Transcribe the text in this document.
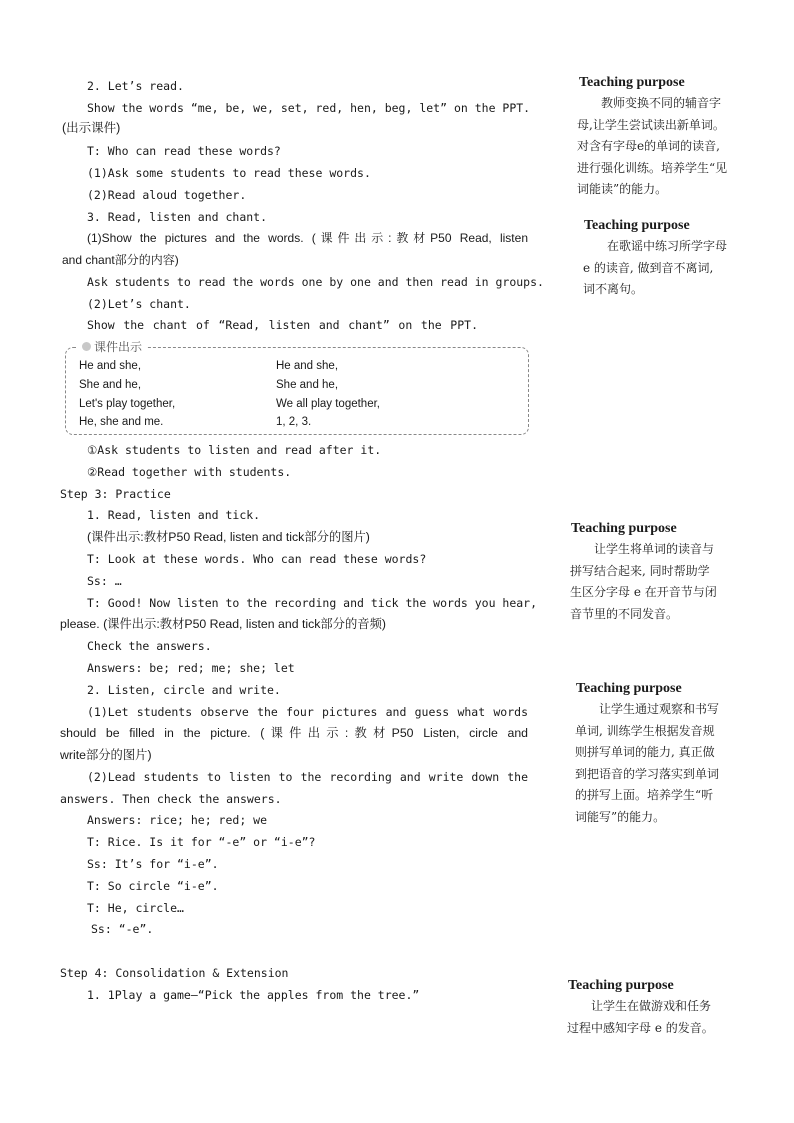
2. Let’s read.
Show the words “me, be, we, set, red, hen, beg, let” on the PPT.
(出示课件)
T: Who can read these words?
(1)Ask some students to read these words.
(2)Read aloud together.
3. Read, listen and chant.
(1)Show the pictures and the words. (课件出示:教材P50 Read, listen
and chant部分的内容)
Ask students to read the words one by one and then read in groups.
(2)Let’s chant.
Show the chant of “Read, listen and chant” on the PPT.
课件出示
He and she,
She and he,
Let's play together,
He, she and me.
He and she,
She and he,
We all play together,
1, 2, 3.
①Ask students to listen and read after it.
②Read together with students.
Step 3: Practice
1. Read, listen and tick.
(课件出示:教材P50 Read, listen and tick部分的图片)
T: Look at these words. Who can read these words?
Ss: …
T: Good! Now listen to the recording and tick the words you hear,
please. (课件出示:教材P50 Read, listen and tick部分的音频)
Check the answers.
Answers: be; red; me; she; let
2. Listen, circle and write.
(1)Let students observe the four pictures and guess what words
should be filled in the picture. (课件出示:教材P50 Listen, circle and
write部分的图片)
(2)Lead students to listen to the recording and write down the
answers. Then check the answers.
Answers: rice; he; red; we
T: Rice. Is it for “-e” or “i-e”?
Ss: It’s for “i-e”.
T: So circle “i-e”.
T: He, circle…
Ss: “-e”.
Step 4: Consolidation & Extension
1. 1Play a game—“Pick the apples from the tree.”
Teaching purpose

教师变换不同的辅音字

母,让学生尝试读出新单词。

对含有字母e的单词的读音,

进行强化训练。培养学生“见

词能读”的能力。

Teaching purpose

在歌谣中练习所学字母

e 的读音, 做到音不离词,

词不离句。

Teaching purpose

让学生将单词的读音与

拼写结合起来, 同时帮助学

生区分字母 e 在开音节与闭

音节里的不同发音。

Teaching purpose

让学生通过观察和书写

单词, 训练学生根据发音规

则拼写单词的能力, 真正做

到把语音的学习落实到单词

的拼写上面。培养学生“听

词能写”的能力。

Teaching purpose

让学生在做游戏和任务

过程中感知字母 e 的发音。
